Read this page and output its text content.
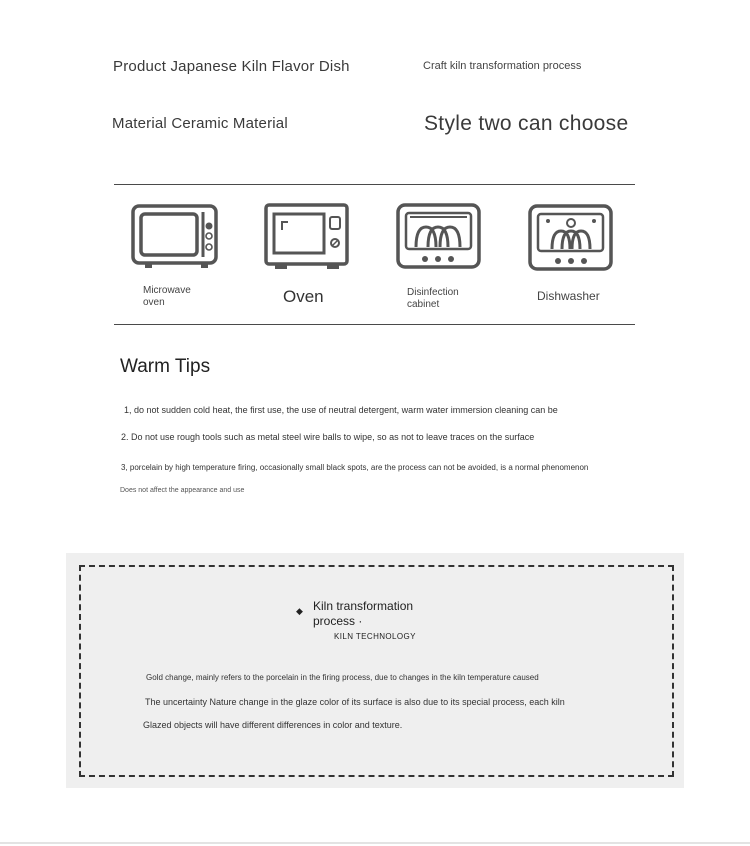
Product Japanese Kiln Flavor Dish	Craft kiln transformation process
Material Ceramic Material	Style two can choose
Microwave oven	Oven	Disinfection cabinet
Dishwasher
Warm Tips
1, do not sudden cold heat, the first use, the use of neutral detergent, warm water immersion cleaning can be
2. Do not use rough tools such as metal steel wire balls to wipe, so as not to leave traces on the surface
3, porcelain by high temperature firing, occasionally small black spots, are the process can not be avoided, is a normal phenomenon
Does not affect the appearance and use
◆ Kiln transformation
process ·
KILN TECHNOLOGY
Gold change, mainly refers to the porcelain in the firing process, due to changes in the kiln temperature caused
The uncertainty Nature change in the glaze color of its surface is also due to its special process, each kiln
Glazed objects will have different differences in color and texture.
